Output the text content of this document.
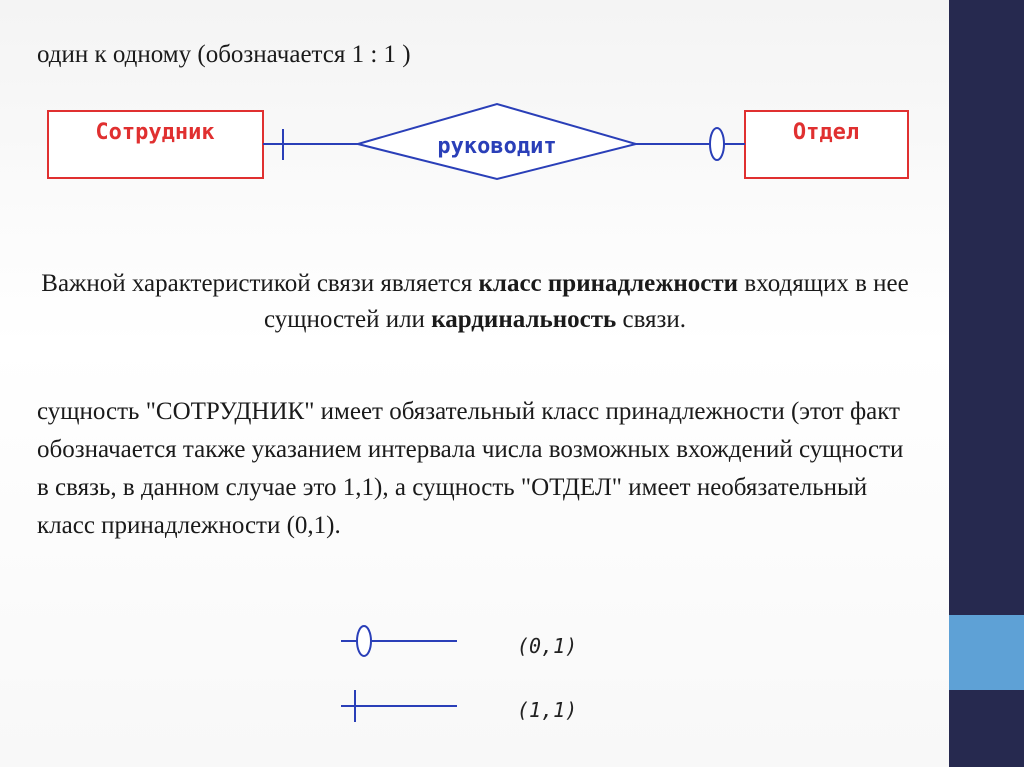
один к одному (обозначается 1 : 1 )

Сотрудник	Отдел
руководит
(0,1)
(1,1)

Важной характеристикой связи является класс принадлежности входящих в нее сущностей или кардинальность связи.

сущность "СОТРУДНИК" имеет обязательный класс принадлежности (этот факт обозначается также указанием интервала числа возможных вхождений сущности в связь, в данном случае это 1,1), а сущность "ОТДЕЛ" имеет необязательный класс принадлежности (0,1).
